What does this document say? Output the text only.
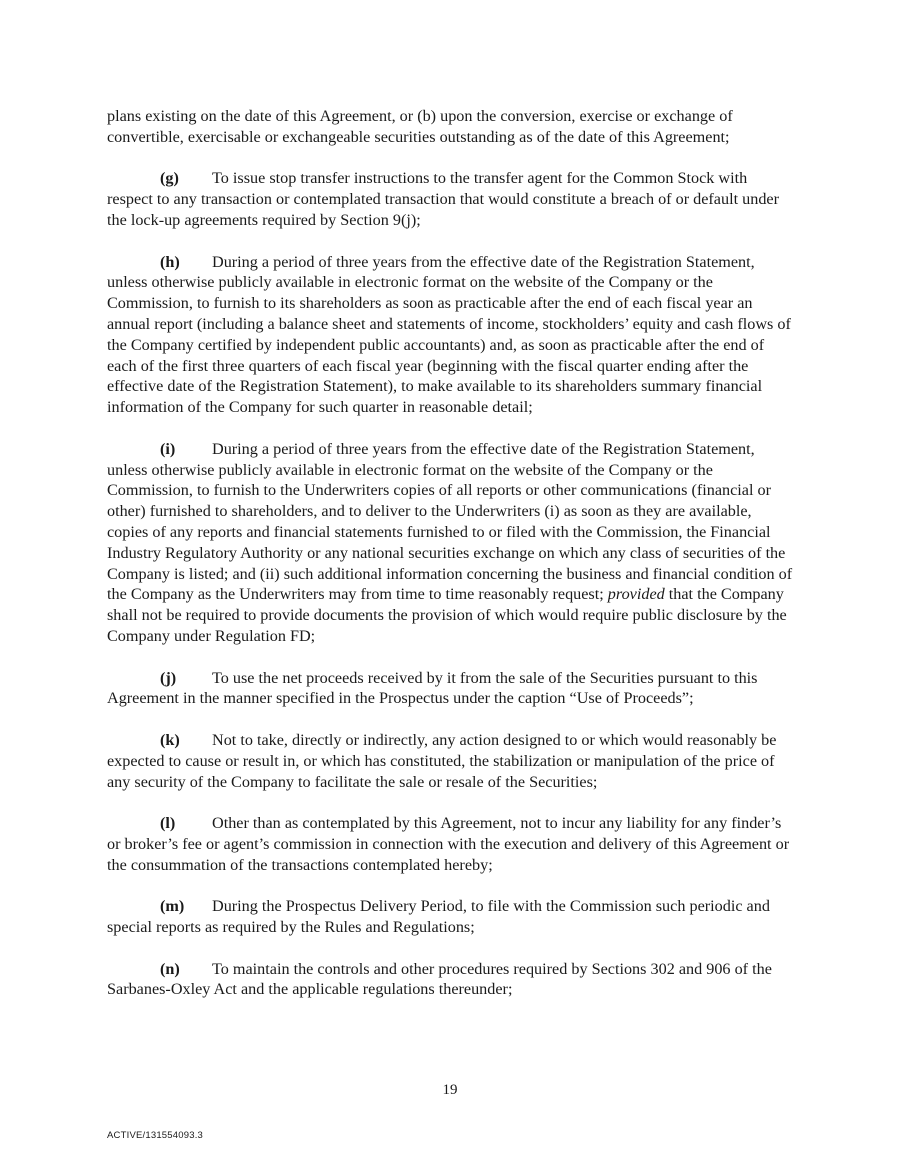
plans existing on the date of this Agreement, or (b) upon the conversion, exercise or exchange of convertible, exercisable or exchangeable securities outstanding as of the date of this Agreement;

(g) To issue stop transfer instructions to the transfer agent for the Common Stock with respect to any transaction or contemplated transaction that would constitute a breach of or default under the lock-up agreements required by Section 9(j);

(h) During a period of three years from the effective date of the Registration Statement, unless otherwise publicly available in electronic format on the website of the Company or the Commission, to furnish to its shareholders as soon as practicable after the end of each fiscal year an annual report (including a balance sheet and statements of income, stockholders’ equity and cash flows of the Company certified by independent public accountants) and, as soon as practicable after the end of each of the first three quarters of each fiscal year (beginning with the fiscal quarter ending after the effective date of the Registration Statement), to make available to its shareholders summary financial information of the Company for such quarter in reasonable detail;

(i) During a period of three years from the effective date of the Registration Statement, unless otherwise publicly available in electronic format on the website of the Company or the Commission, to furnish to the Underwriters copies of all reports or other communications (financial or other) furnished to shareholders, and to deliver to the Underwriters (i) as soon as they are available, copies of any reports and financial statements furnished to or filed with the Commission, the Financial Industry Regulatory Authority or any national securities exchange on which any class of securities of the Company is listed; and (ii) such additional information concerning the business and financial condition of the Company as the Underwriters may from time to time reasonably request; provided that the Company shall not be required to provide documents the provision of which would require public disclosure by the Company under Regulation FD;

(j) To use the net proceeds received by it from the sale of the Securities pursuant to this Agreement in the manner specified in the Prospectus under the caption “Use of Proceeds”;

(k) Not to take, directly or indirectly, any action designed to or which would reasonably be expected to cause or result in, or which has constituted, the stabilization or manipulation of the price of any security of the Company to facilitate the sale or resale of the Securities;

(l) Other than as contemplated by this Agreement, not to incur any liability for any finder’s or broker’s fee or agent’s commission in connection with the execution and delivery of this Agreement or the consummation of the transactions contemplated hereby;

(m) During the Prospectus Delivery Period, to file with the Commission such periodic and special reports as required by the Rules and Regulations;

(n) To maintain the controls and other procedures required by Sections 302 and 906 of the Sarbanes-Oxley Act and the applicable regulations thereunder;

19
ACTIVE/131554093.3
